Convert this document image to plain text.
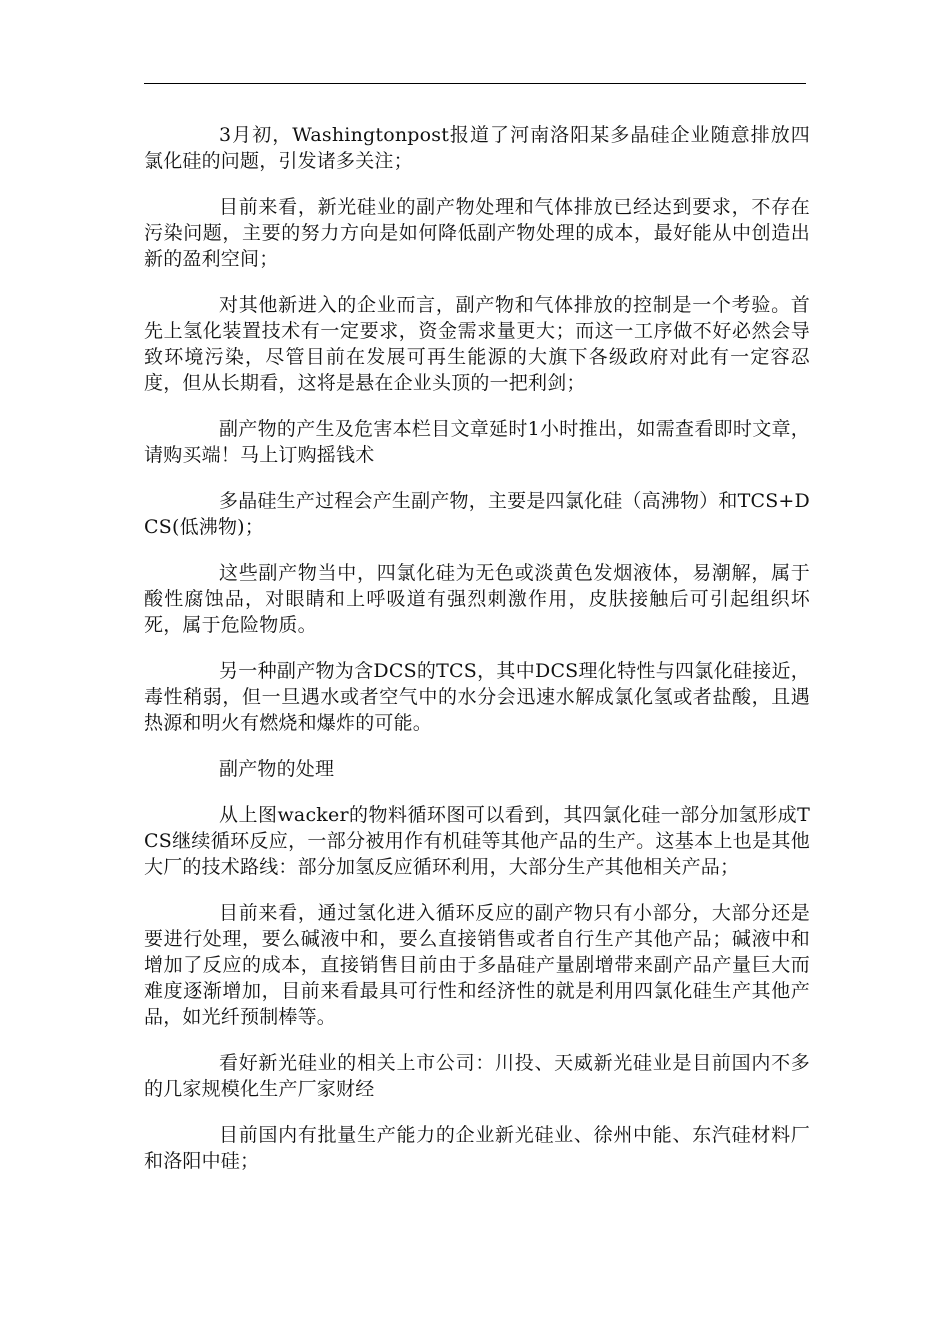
3月初，Washingtonpost报道了河南洛阳某多晶硅企业随意排放四氯化硅的问题，引发诸多关注；

目前来看，新光硅业的副产物处理和气体排放已经达到要求，不存在污染问题，主要的努力方向是如何降低副产物处理的成本，最好能从中创造出新的盈利空间；

对其他新进入的企业而言，副产物和气体排放的控制是一个考验。首先上氢化装置技术有一定要求，资金需求量更大；而这一工序做不好必然会导致环境污染，尽管目前在发展可再生能源的大旗下各级政府对此有一定容忍度，但从长期看，这将是悬在企业头顶的一把利剑；

副产物的产生及危害本栏目文章延时1小时推出，如需查看即时文章，请购买端！马上订购摇钱术

多晶硅生产过程会产生副产物，主要是四氯化硅（高沸物）和TCS+DCS(低沸物)；

这些副产物当中，四氯化硅为无色或淡黄色发烟液体，易潮解，属于酸性腐蚀品，对眼睛和上呼吸道有强烈刺激作用，皮肤接触后可引起组织坏死，属于危险物质。

另一种副产物为含DCS的TCS，其中DCS理化特性与四氯化硅接近，毒性稍弱，但一旦遇水或者空气中的水分会迅速水解成氯化氢或者盐酸，且遇热源和明火有燃烧和爆炸的可能。

副产物的处理

从上图wacker的物料循环图可以看到，其四氯化硅一部分加氢形成TCS继续循环反应，一部分被用作有机硅等其他产品的生产。这基本上也是其他大厂的技术路线：部分加氢反应循环利用，大部分生产其他相关产品；

目前来看，通过氢化进入循环反应的副产物只有小部分，大部分还是要进行处理，要么碱液中和，要么直接销售或者自行生产其他产品；碱液中和增加了反应的成本，直接销售目前由于多晶硅产量剧增带来副产品产量巨大而难度逐渐增加，目前来看最具可行性和经济性的就是利用四氯化硅生产其他产品，如光纤预制棒等。

看好新光硅业的相关上市公司：川投、天威新光硅业是目前国内不多的几家规模化生产厂家财经

目前国内有批量生产能力的企业新光硅业、徐州中能、东汽硅材料厂和洛阳中硅；
